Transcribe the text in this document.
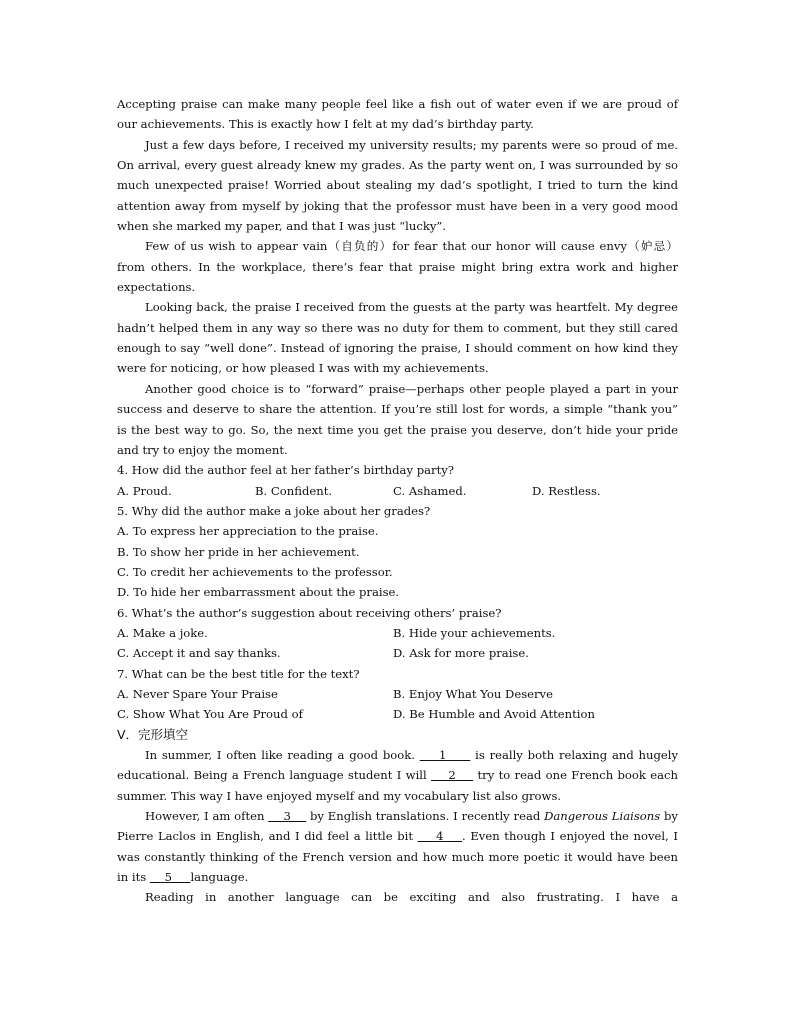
Accepting praise can make many people feel like a fish out of water even if we are proud of our achievements. This is exactly how I felt at my dad’s birthday party.

Just a few days before, I received my university results; my parents were so proud of me. On arrival, every guest already knew my grades. As the party went on, I was surrounded by so much unexpected praise! Worried about stealing my dad’s spotlight, I tried to turn the kind attention away from myself by joking that the professor must have been in a very good mood when she marked my paper, and that I was just “lucky”.

Few of us wish to appear vain（自负的）for fear that our honor will cause envy（妒忌）from others. In the workplace, there’s fear that praise might bring extra work and higher expectations.

Looking back, the praise I received from the guests at the party was heartfelt. My degree hadn’t helped them in any way so there was no duty for them to comment, but they still cared enough to say “well done”. Instead of ignoring the praise, I should comment on how kind they were for noticing, or how pleased I was with my achievements.

Another good choice is to “forward” praise—perhaps other people played a part in your success and deserve to share the attention. If you’re still lost for words, a simple “thank you” is the best way to go. So, the next time you get the praise you deserve, don’t hide your pride and try to enjoy the moment.

4. How did the author feel at her father’s birthday party?

A. Proud.	B. Confident.	C. Ashamed.	D. Restless.

5. Why did the author make a joke about her grades?

A. To express her appreciation to the praise.
B. To show her pride in her achievement.
C. To credit her achievements to the professor.
D. To hide her embarrassment about the praise.

6. What’s the author’s suggestion about receiving others’ praise?

A. Make a joke.	B. Hide your achievements.
C. Accept it and say thanks.	D. Ask for more praise.

7. What can be the best title for the text?

A. Never Spare Your Praise	B. Enjoy What You Deserve
C. Show What You Are Proud of	D. Be Humble and Avoid Attention

V．完形填空

In summer, I often like reading a good book.     1      is really both relaxing and hugely educational. Being a French language student I will     2     try to read one French book each summer. This way I have enjoyed myself and my vocabulary list also grows.

However, I am often     3     by English translations. I recently read Dangerous Liaisons by Pierre Laclos in English, and I did feel a little bit     4 . Even though I enjoyed the novel, I was constantly thinking of the French version and how much more poetic it would have been in its     5 language.

Reading in another language can be exciting and also frustrating. I have a
